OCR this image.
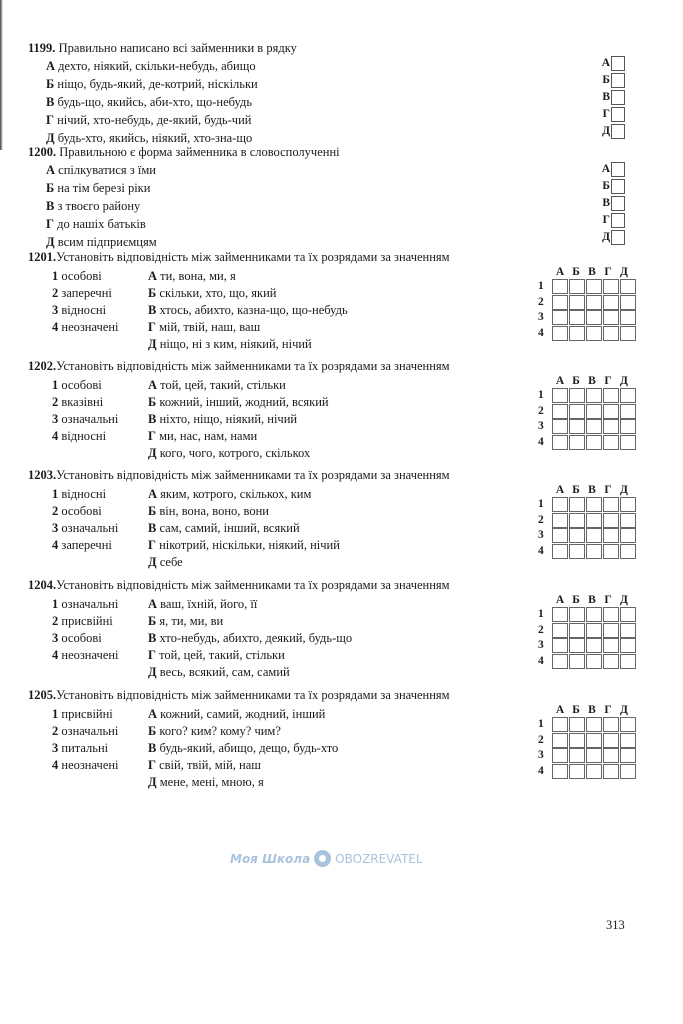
Моя Школа OBOZREVATEL
1199. Правильно написано всі займенники в рядку
А дехто, ніякий, скільки-небудь, абищо
Б нiщо, будь-який, де-котрий, ніскільки
В будь-що, якийсь, аби-хто, що-небудь
Г нічий, хто-небудь, де-який, будь-чий
Д будь-хто, якийсь, ніякий, хто-зна-що
А
Б
В
Г
Д
1200. Правильною є форма займенника в словосполученні
А спілкуватися з їми
Б на тім березі ріки
В з твоєго району
Г до нашіх батьків
Д всим підприємцям
А
Б
В
Г
Д
1201.Установіть відповідність між займенниками та їх розрядами за значенням
1 особові
2 заперечні
3 відносні
4 неозначені
А ти, вона, ми, я
Б скільки, хто, що, який
В хтось, абихто, казна-що, що-небудь
Г мій, твій, наш, ваш
Д ніщо, ні з ким, ніякий, нічий
А Б В Г Д
1
2
3
4
1202.Установіть відповідність між займенниками та їх розрядами за значенням
1 особові
2 вказівні
3 означальні
4 відносні
А той, цей, такий, стільки
Б кожний, інший, жодний, всякий
В ніхто, ніщо, ніякий, нічий
Г ми, нас, нам, нами
Д кого, чого, котрого, скількох
А Б В Г Д
1
2
3
4
1203.Установіть відповідність між займенниками та їх розрядами за значенням
1 відносні
2 особові
3 означальні
4 заперечні
А яким, котрого, скількох, ким
Б він, вона, воно, вони
В сам, самий, інший, всякий
Г нікотрий, ніскільки, ніякий, нічий
Д себе
А Б В Г Д
1
2
3
4
1204.Установіть відповідність між займенниками та їх розрядами за значенням
1 означальні
2 присвійні
3 особові
4 неозначені
А ваш, їхній, його, її
Б я, ти, ми, ви
В хто-небудь, абихто, деякий, будь-що
Г той, цей, такий, стільки
Д весь, всякий, сам, самий
А Б В Г Д
1
2
3
4
1205.Установіть відповідність між займенниками та їх розрядами за значенням
1 присвійні
2 означальні
3 питальні
4 неозначені
А кожний, самий, жодний, інший
Б кого? ким? кому? чим?
В будь-який, абищо, дещо, будь-хто
Г свій, твій, мій, наш
Д мене, мені, мною, я
А Б В Г Д
1
2
3
4
313
